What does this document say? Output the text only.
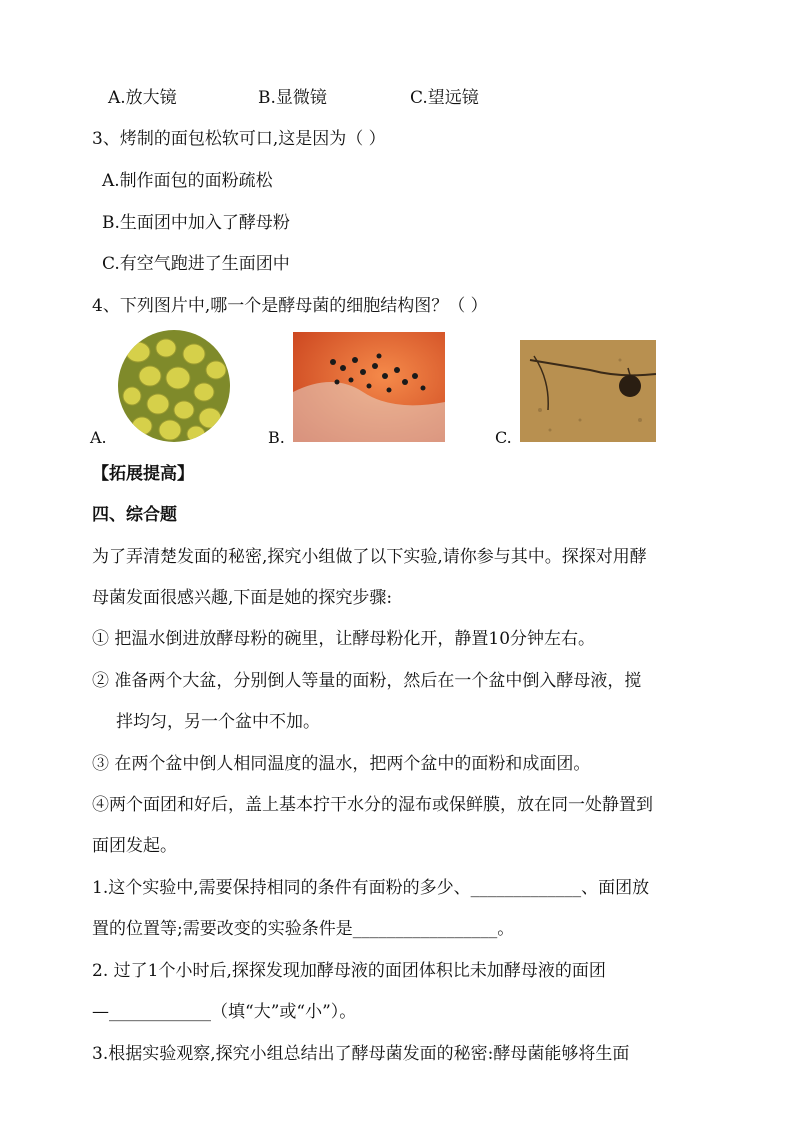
A.放大镜	B.显微镜	C.望远镜
3、烤制的面包松软可口,这是因为（ ）
A.制作面包的面粉疏松
B.生面团中加入了酵母粉
C.有空气跑进了生面团中
4、下列图片中,哪一个是酵母菌的细胞结构图？（ ）
A.	B.	C.
【拓展提高】
四、综合题
为了弄清楚发面的秘密,探究小组做了以下实验,请你参与其中。探探对用酵
母菌发面很感兴趣,下面是她的探究步骤:
① 把温水倒进放酵母粉的碗里，让酵母粉化开，静置10分钟左右。
② 准备两个大盆，分别倒人等量的面粉，然后在一个盆中倒入酵母液，搅
拌均匀，另一个盆中不加。
③ 在两个盆中倒人相同温度的温水，把两个盆中的面粉和成面团。
④两个面团和好后，盖上基本拧干水分的湿布或保鲜膜，放在同一处静置到
面团发起。
1.这个实验中,需要保持相同的条件有面粉的多少、_____________、面团放
置的位置等;需要改变的实验条件是_________________。
2. 过了1个小时后,探探发现加酵母液的面团体积比未加酵母液的面团
—____________（填“大”或“小”）。
3.根据实验观察,探究小组总结出了酵母菌发面的秘密:酵母菌能够将生面
